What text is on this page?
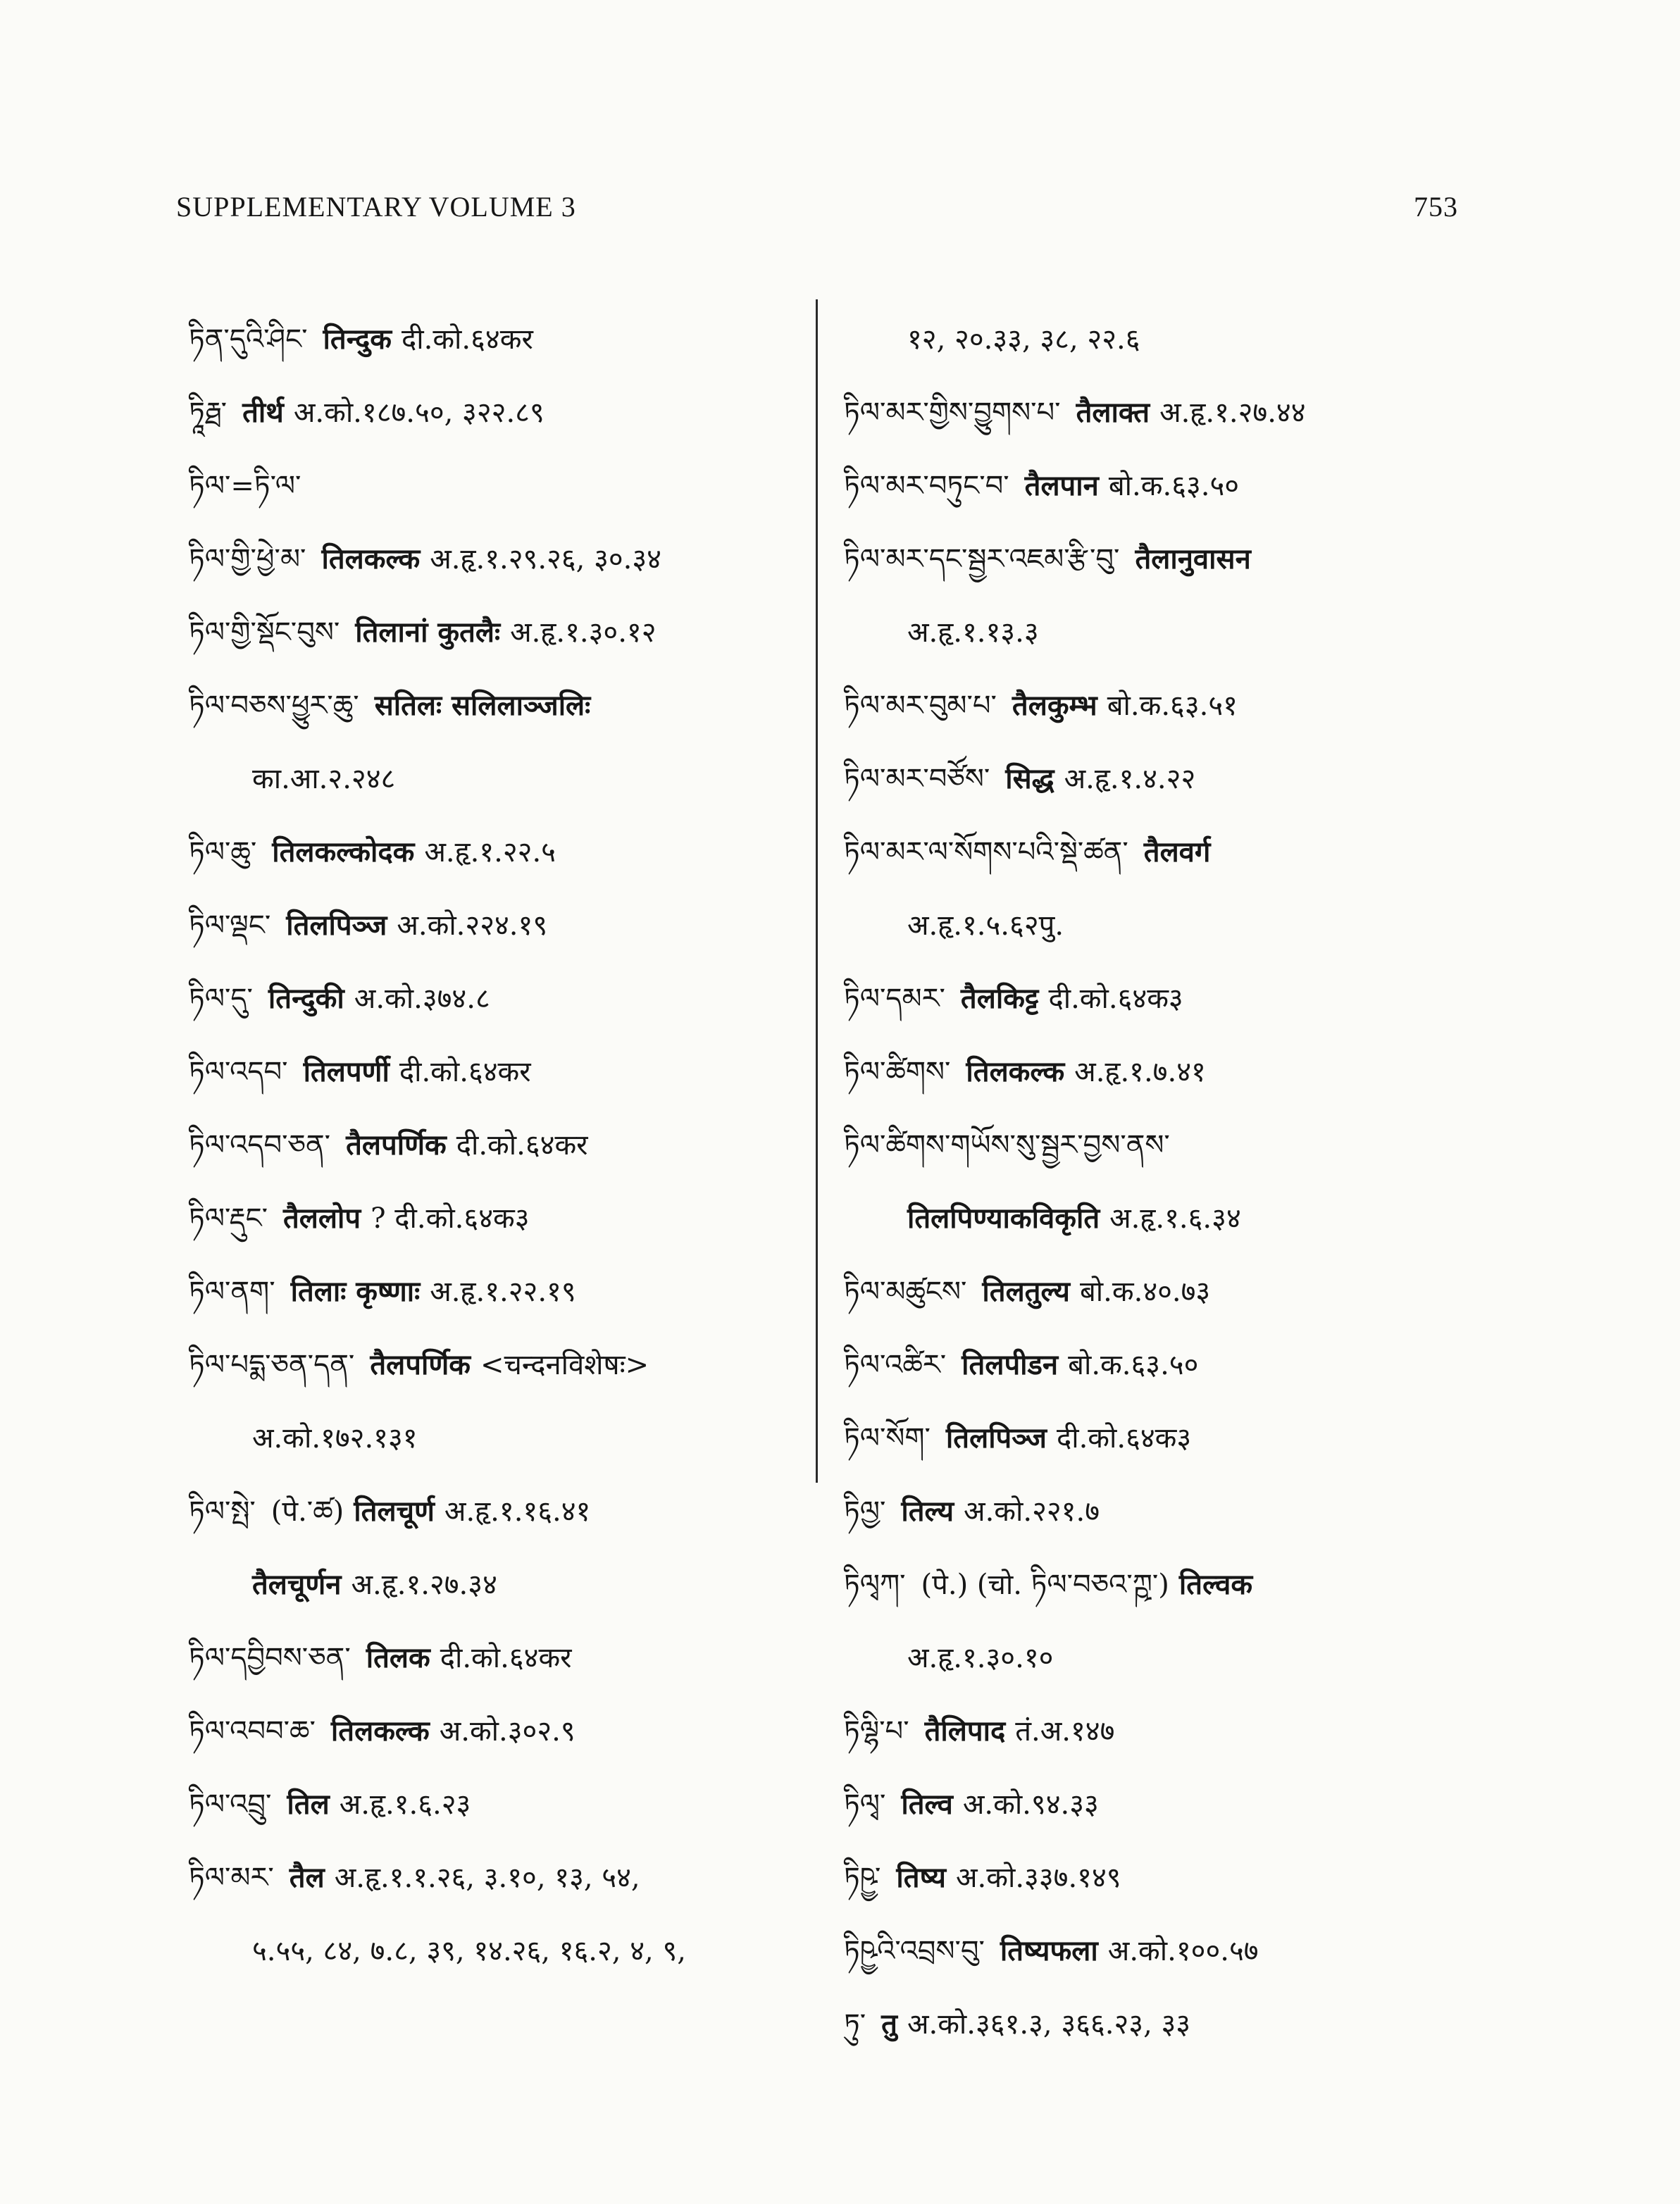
SUPPLEMENTARY VOLUME 3	753
ཏིན་དུའི་ཤིང་ तिन्दुक दी.को.६४कर
ཏཱིརྠ་ तीर्थ अ.को.१८७.५०, ३२२.८९
ཏིལ་=ཏི་ལ་
ཏིལ་གྱི་ཕྱེ་མ་ तिलकल्क अ.हृ.१.२९.२६, ३०.३४
ཏིལ་གྱི་སྡོང་བུས་ तिलानां कुतलैः अ.हृ.१.३०.१२
ཏིལ་བཅས་ཕྱུར་ཆུ་ सतिलः सलिलाञ्जलिः
का.आ.२.२४८
ཏིལ་ཆུ་ तिलकल्कोदक अ.हृ.१.२२.५
ཏིལ་ལྡང་ तिलपिञ्ज अ.को.२२४.१९
ཏིལ་དུ་ तिन्दुकी अ.को.३७४.८
ཏིལ་འདབ་ तिलपर्णी दी.को.६४कर
ཏིལ་འདབ་ཅན་ तैलपर्णिक दी.को.६४कर
ཏིལ་རྡུང་ तैललोप ? दी.को.६४क३
ཏིལ་ནག་ तिलाः कृष्णाः अ.हृ.१.२२.१९
ཏིལ་པདྨ་ཅན་དན་ तैलपर्णिक <चन्दनविशेषः>
अ.को.१७२.१३१
ཏིལ་སྤེ་ (पे.་ཚ) तिलचूर्ण अ.हृ.१.१६.४१
तैलचूर्णन अ.हृ.१.२७.३४
ཏིལ་དབྱིབས་ཅན་ तिलक दी.को.६४कर
ཏིལ་འབབ་ཆ་ तिलकल्क अ.को.३०२.९
ཏིལ་འབྲུ་ तिल अ.हृ.१.६.२३
ཏིལ་མར་ तैल अ.हृ.१.१.२६, ३.१०, १३, ५४,
५.५५, ८४, ७.८, ३९, १४.२६, १६.२, ४, ९,
१२, २०.३३, ३८, २२.६
ཏིལ་མར་གྱིས་བྱུགས་པ་ तैलाक्त अ.हृ.१.२७.४४
ཏིལ་མར་བཏུང་བ་ तैलपान बो.क.६३.५०
ཏིལ་མར་དང་སྦྱར་འཇམ་རྩི་བུ་ तैलानुवासन
अ.हृ.१.१३.३
ཏིལ་མར་བུམ་པ་ तैलकुम्भ बो.क.६३.५१
ཏིལ་མར་བཙོས་ सिद्ध अ.हृ.१.४.२२
ཏིལ་མར་ལ་སོགས་པའི་སྡེ་ཚན་ तैलवर्ग
अ.हृ.१.५.६२पु.
ཏིལ་དམར་ तैलकिट्ट दी.को.६४क३
ཏིལ་ཚིགས་ तिलकल्क अ.हृ.१.७.४१
ཏིལ་ཚིགས་གཡོས་སུ་སྦྱར་བྱས་ནས་
तिलपिण्याकविकृति अ.हृ.१.६.३४
ཏིལ་མཚུངས་ तिलतुल्य बो.क.४०.७३
ཏིལ་འཚིར་ तिलपीडन बो.क.६३.५०
ཏིལ་སོག་ तिलपिञ्ज दी.को.६४क३
ཏིལྱ་ तिल्य अ.को.२२१.७
ཏིལྭཀ་ (पे.) (चो. ཏིལ་བཅའ་ཀྵ་) तिल्वक
अ.हृ.१.३०.१०
ཏིལྷི་པ་ तैलिपाद तं.अ.१४७
ཏིལྭ་ तिल्व अ.को.९४.३३
ཏིཥྱ་ तिष्य अ.को.३३७.१४९
ཏིཥྱའི་འབྲས་བུ་ तिष्यफला अ.को.१००.५७
ཏུ་ तु अ.को.३६१.३, ३६६.२३, ३३
